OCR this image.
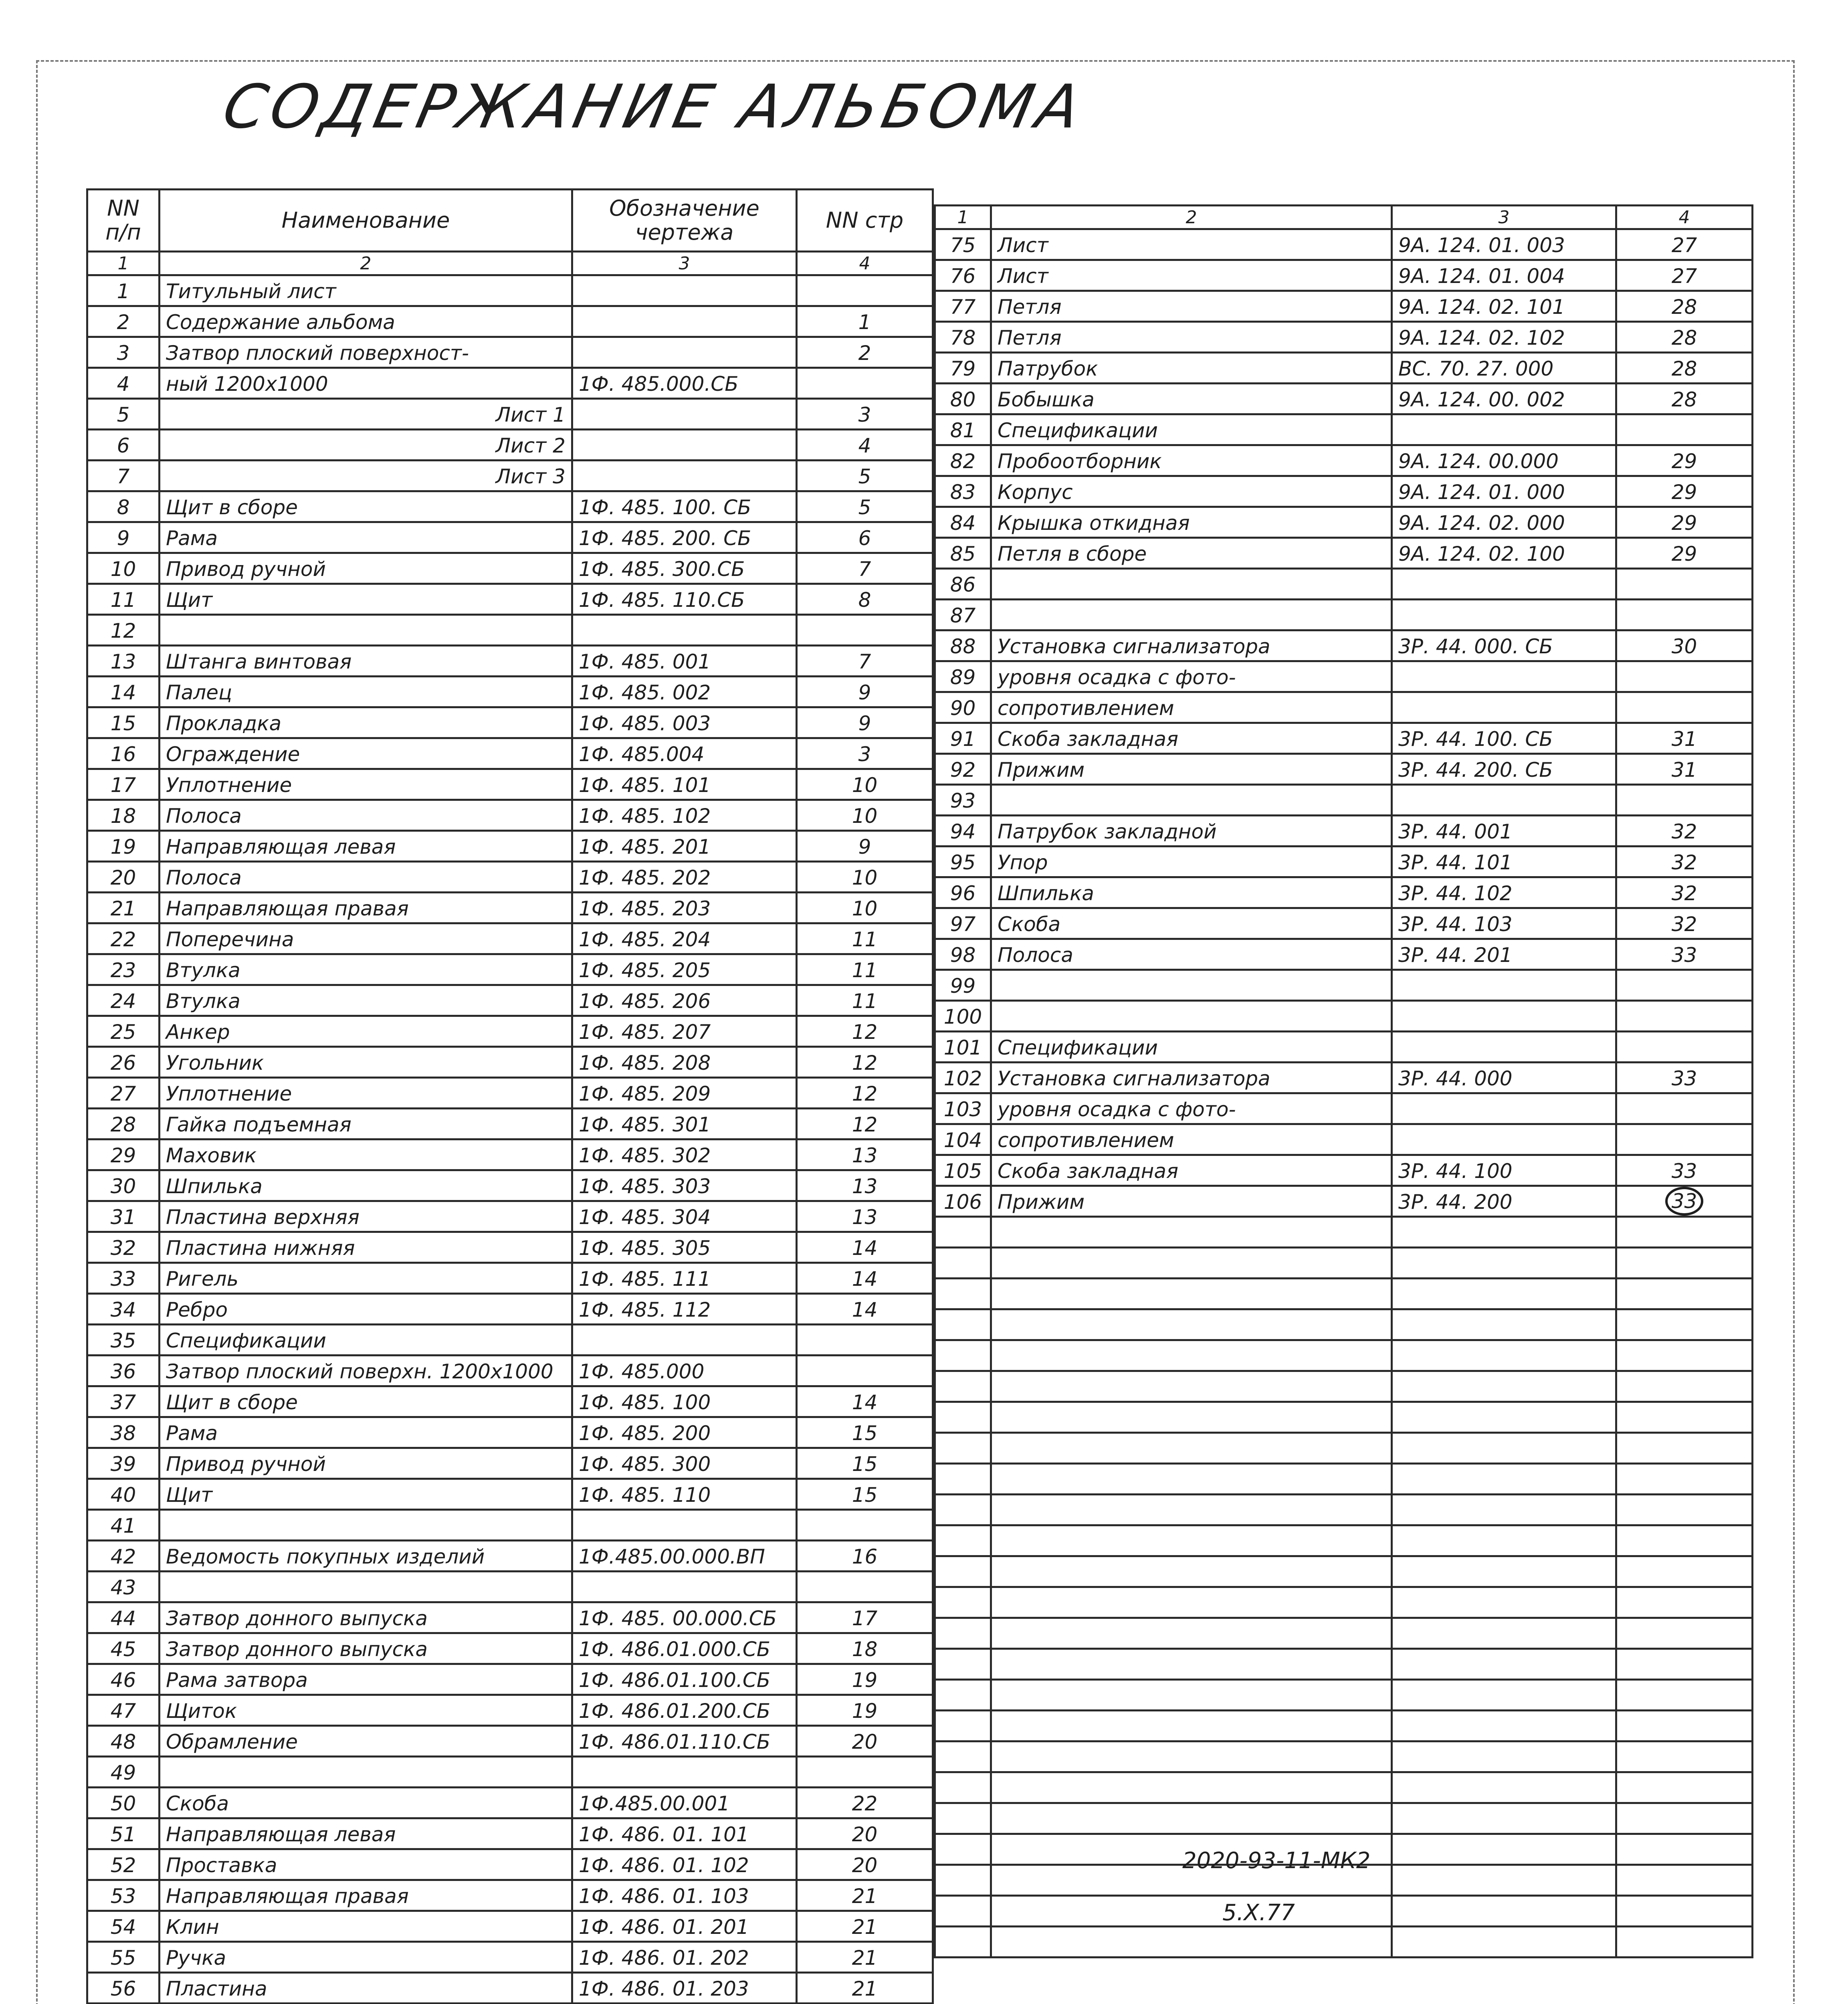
СОДЕРЖАНИЕ АЛЬБОМА
NN п/п	Наименование	Обозначение чертежа	NN стр
1	2	3	4
1	Титульный лист		
2	Содержание альбома		1
3	Затвор плоский поверхност-		2
4	ный 1200х1000	1Ф. 485.000.СБ	
5	Лист 1		3
6	Лист 2		4
7	Лист 3		5
8	Щит в сборе	1Ф. 485. 100. СБ	5
9	Рама	1Ф. 485. 200. СБ	6
10	Привод ручной	1Ф. 485. 300.СБ	7
11	Щит	1Ф. 485. 110.СБ	8
12			
13	Штанга винтовая	1Ф. 485. 001	7
14	Палец	1Ф. 485. 002	9
15	Прокладка	1Ф. 485. 003	9
16	Ограждение	1Ф. 485.004	3
17	Уплотнение	1Ф. 485. 101	10
18	Полоса	1Ф. 485. 102	10
19	Направляющая левая	1Ф. 485. 201	9
20	Полоса	1Ф. 485. 202	10
21	Направляющая правая	1Ф. 485. 203	10
22	Поперечина	1Ф. 485. 204	11
23	Втулка	1Ф. 485. 205	11
24	Втулка	1Ф. 485. 206	11
25	Анкер	1Ф. 485. 207	12
26	Угольник	1Ф. 485. 208	12
27	Уплотнение	1Ф. 485. 209	12
28	Гайка подъемная	1Ф. 485. 301	12
29	Маховик	1Ф. 485. 302	13
30	Шпилька	1Ф. 485. 303	13
31	Пластина верхняя	1Ф. 485. 304	13
32	Пластина нижняя	1Ф. 485. 305	14
33	Ригель	1Ф. 485. 111	14
34	Ребро	1Ф. 485. 112	14
35	Спецификации		
36	Затвор плоский поверхн. 1200х1000	1Ф. 485.000	
37	Щит в сборе	1Ф. 485. 100	14
38	Рама	1Ф. 485. 200	15
39	Привод ручной	1Ф. 485. 300	15
40	Щит	1Ф. 485. 110	15
41			
42	Ведомость покупных изделий	1Ф.485.00.000.ВП	16
43			
44	Затвор донного выпуска	1Ф. 485. 00.000.СБ	17
45	Затвор донного выпуска	1Ф. 486.01.000.СБ	18
46	Рама затвора	1Ф. 486.01.100.СБ	19
47	Щиток	1Ф. 486.01.200.СБ	19
48	Обрамление	1Ф. 486.01.110.СБ	20
49			
50	Скоба	1Ф.485.00.001	22
51	Направляющая левая	1Ф. 486. 01. 101	20
52	Проставка	1Ф. 486. 01. 102	20
53	Направляющая правая	1Ф. 486. 01. 103	21
54	Клин	1Ф. 486. 01. 201	21
55	Ручка	1Ф. 486. 01. 202	21
56	Пластина	1Ф. 486. 01. 203	21

1	2	3	4
75	Лист	9А. 124. 01. 003	27
76	Лист	9А. 124. 01. 004	27
77	Петля	9А. 124. 02. 101	28
78	Петля	9А. 124. 02. 102	28
79	Патрубок	ВС. 70. 27. 000	28
80	Бобышка	9А. 124. 00. 002	28
81	Спецификации		
82	Пробоотборник	9А. 124. 00.000	29
83	Корпус	9А. 124. 01. 000	29
84	Крышка откидная	9А. 124. 02. 000	29
85	Петля в сборе	9А. 124. 02. 100	29
86			
87			
88	Установка сигнализатора	3Р. 44. 000. СБ	30
89	уровня осадка с фото-		
90	сопротивлением		
91	Скоба закладная	3Р. 44. 100. СБ	31
92	Прижим	3Р. 44. 200. СБ	31
93			
94	Патрубок закладной	3Р. 44. 001	32
95	Упор	3Р. 44. 101	32
96	Шпилька	3Р. 44. 102	32
97	Скоба	3Р. 44. 103	32
98	Полоса	3Р. 44. 201	33
99			
100			
101	Спецификации		
102	Установка сигнализатора	3Р. 44. 000	33
103	уровня осадка с фото-		
104	сопротивлением		
105	Скоба закладная	3Р. 44. 100	33
106	Прижим	3Р. 44. 200	33

2020-93-11-МК2
5.Х.77
